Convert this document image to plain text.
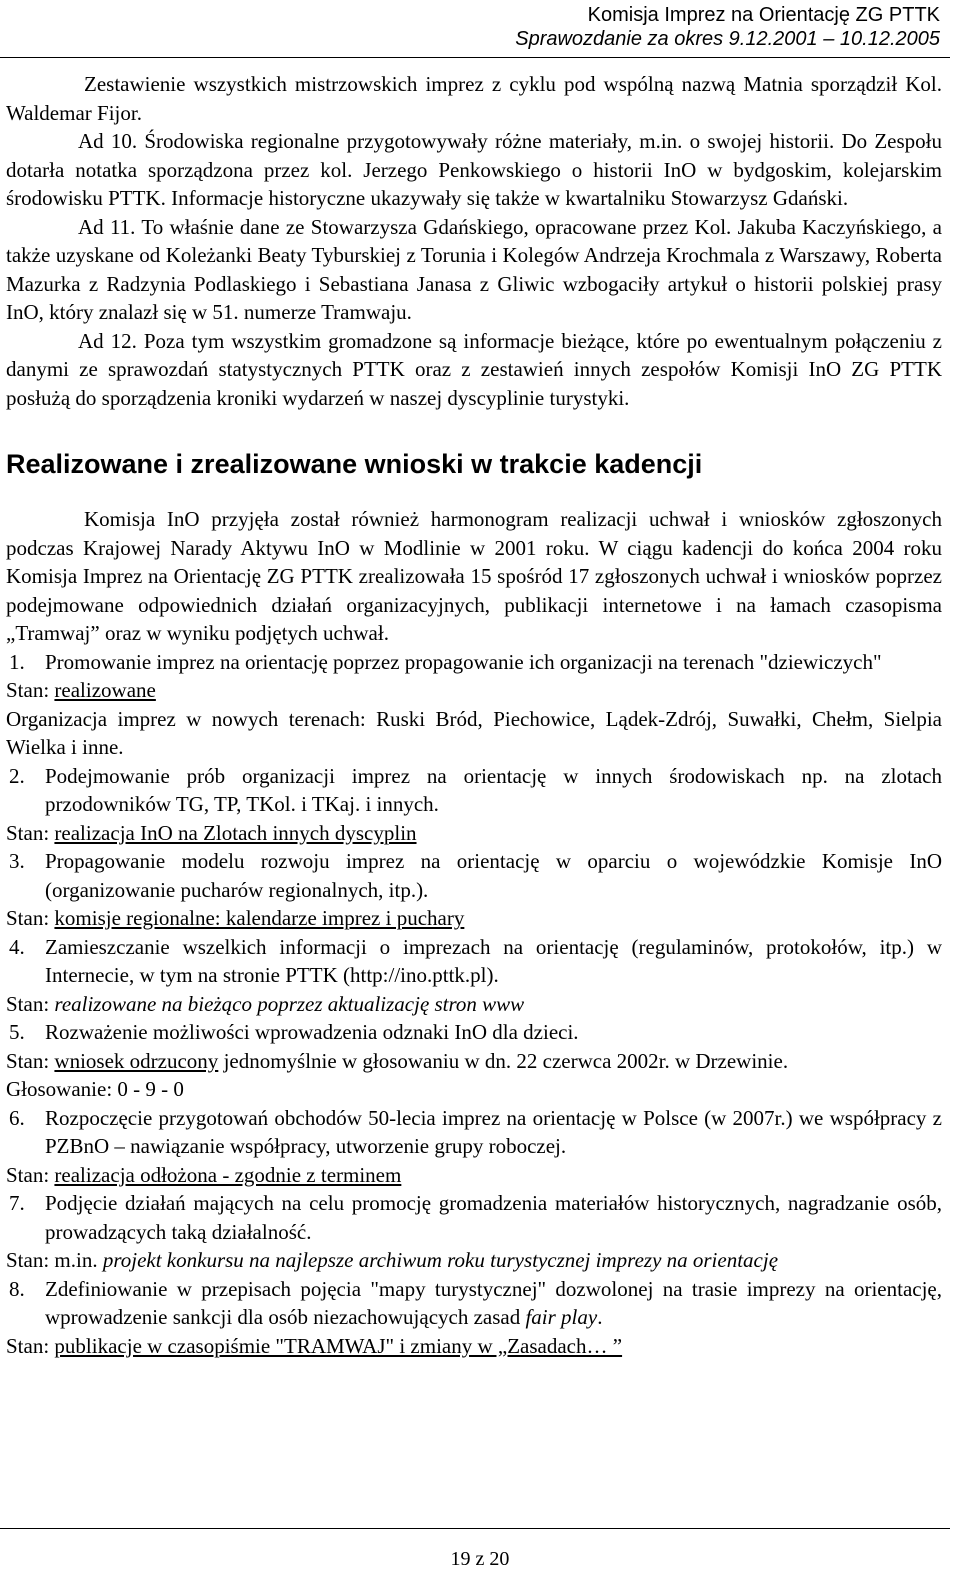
Komisja Imprez na Orientację ZG PTTK
Sprawozdanie za okres 9.12.2001 – 10.12.2005

Zestawienie wszystkich mistrzowskich imprez z cyklu pod wspólną nazwą Matnia sporządził Kol. Waldemar Fijor.

Ad 10. Środowiska regionalne przygotowywały różne materiały, m.in. o swojej historii. Do Zespołu dotarła notatka sporządzona przez kol. Jerzego Penkowskiego o historii InO w bydgoskim, kolejarskim środowisku PTTK. Informacje historyczne ukazywały się także w kwartalniku Stowarzysz Gdański.

Ad 11. To właśnie dane ze Stowarzysza Gdańskiego, opracowane przez Kol. Jakuba Kaczyńskiego, a także uzyskane od Koleżanki Beaty Tyburskiej z Torunia i Kolegów Andrzeja Krochmala z Warszawy, Roberta Mazurka z Radzynia Podlaskiego i Sebastiana Janasa z Gliwic wzbogaciły artykuł o historii polskiej prasy InO, który znalazł się w 51. numerze Tramwaju.

Ad 12. Poza tym wszystkim gromadzone są informacje bieżące, które po ewentualnym połączeniu z danymi ze sprawozdań statystycznych PTTK oraz z zestawień innych zespołów Komisji InO ZG PTTK posłużą do sporządzenia kroniki wydarzeń w naszej dyscyplinie turystyki.

Realizowane i zrealizowane wnioski w trakcie kadencji

Komisja InO przyjęła został również harmonogram realizacji uchwał i wniosków zgłoszonych podczas Krajowej Narady Aktywu InO w Modlinie w 2001 roku. W ciągu kadencji do końca 2004 roku Komisja Imprez na Orientację ZG PTTK zrealizowała 15 spośród 17 zgłoszonych uchwał i wniosków poprzez podejmowane odpowiednich działań organizacyjnych, publikacji internetowe i na łamach czasopisma „Tramwaj” oraz w wyniku podjętych uchwał.

1. Promowanie imprez na orientację poprzez propagowanie ich organizacji na terenach "dziewiczych"

Stan: realizowane

Organizacja imprez w nowych terenach: Ruski Bród, Piechowice, Lądek-Zdrój, Suwałki, Chełm, Sielpia Wielka i inne.

2. Podejmowanie prób organizacji imprez na orientację w innych środowiskach np. na zlotach przodowników TG, TP, TKol. i TKaj. i innych.

Stan: realizacja InO na Zlotach innych dyscyplin

3. Propagowanie modelu rozwoju imprez na orientację w oparciu o wojewódzkie Komisje InO (organizowanie pucharów regionalnych, itp.).

Stan: komisje regionalne: kalendarze imprez i puchary

4. Zamieszczanie wszelkich informacji o imprezach na orientację (regulaminów, protokołów, itp.) w Internecie, w tym na stronie PTTK (http://ino.pttk.pl).

Stan: realizowane na bieżąco poprzez aktualizację stron www

5. Rozważenie możliwości wprowadzenia odznaki InO dla dzieci.

Stan: wniosek odrzucony jednomyślnie w głosowaniu w dn. 22 czerwca 2002r. w Drzewinie.

Głosowanie: 0 - 9 - 0

6. Rozpoczęcie przygotowań obchodów 50-lecia imprez na orientację w Polsce (w 2007r.) we współpracy z PZBnO – nawiązanie współpracy, utworzenie grupy roboczej.

Stan: realizacja odłożona - zgodnie z terminem

7. Podjęcie działań mających na celu promocję gromadzenia materiałów historycznych, nagradzanie osób, prowadzących taką działalność.

Stan: m.in. projekt konkursu na najlepsze archiwum roku turystycznej imprezy na orientację

8. Zdefiniowanie w przepisach pojęcia "mapy turystycznej" dozwolonej na trasie imprezy na orientację, wprowadzenie sankcji dla osób niezachowujących zasad fair play.

Stan: publikacje w czasopiśmie "TRAMWAJ" i zmiany w „Zasadach… ”

19 z 20
